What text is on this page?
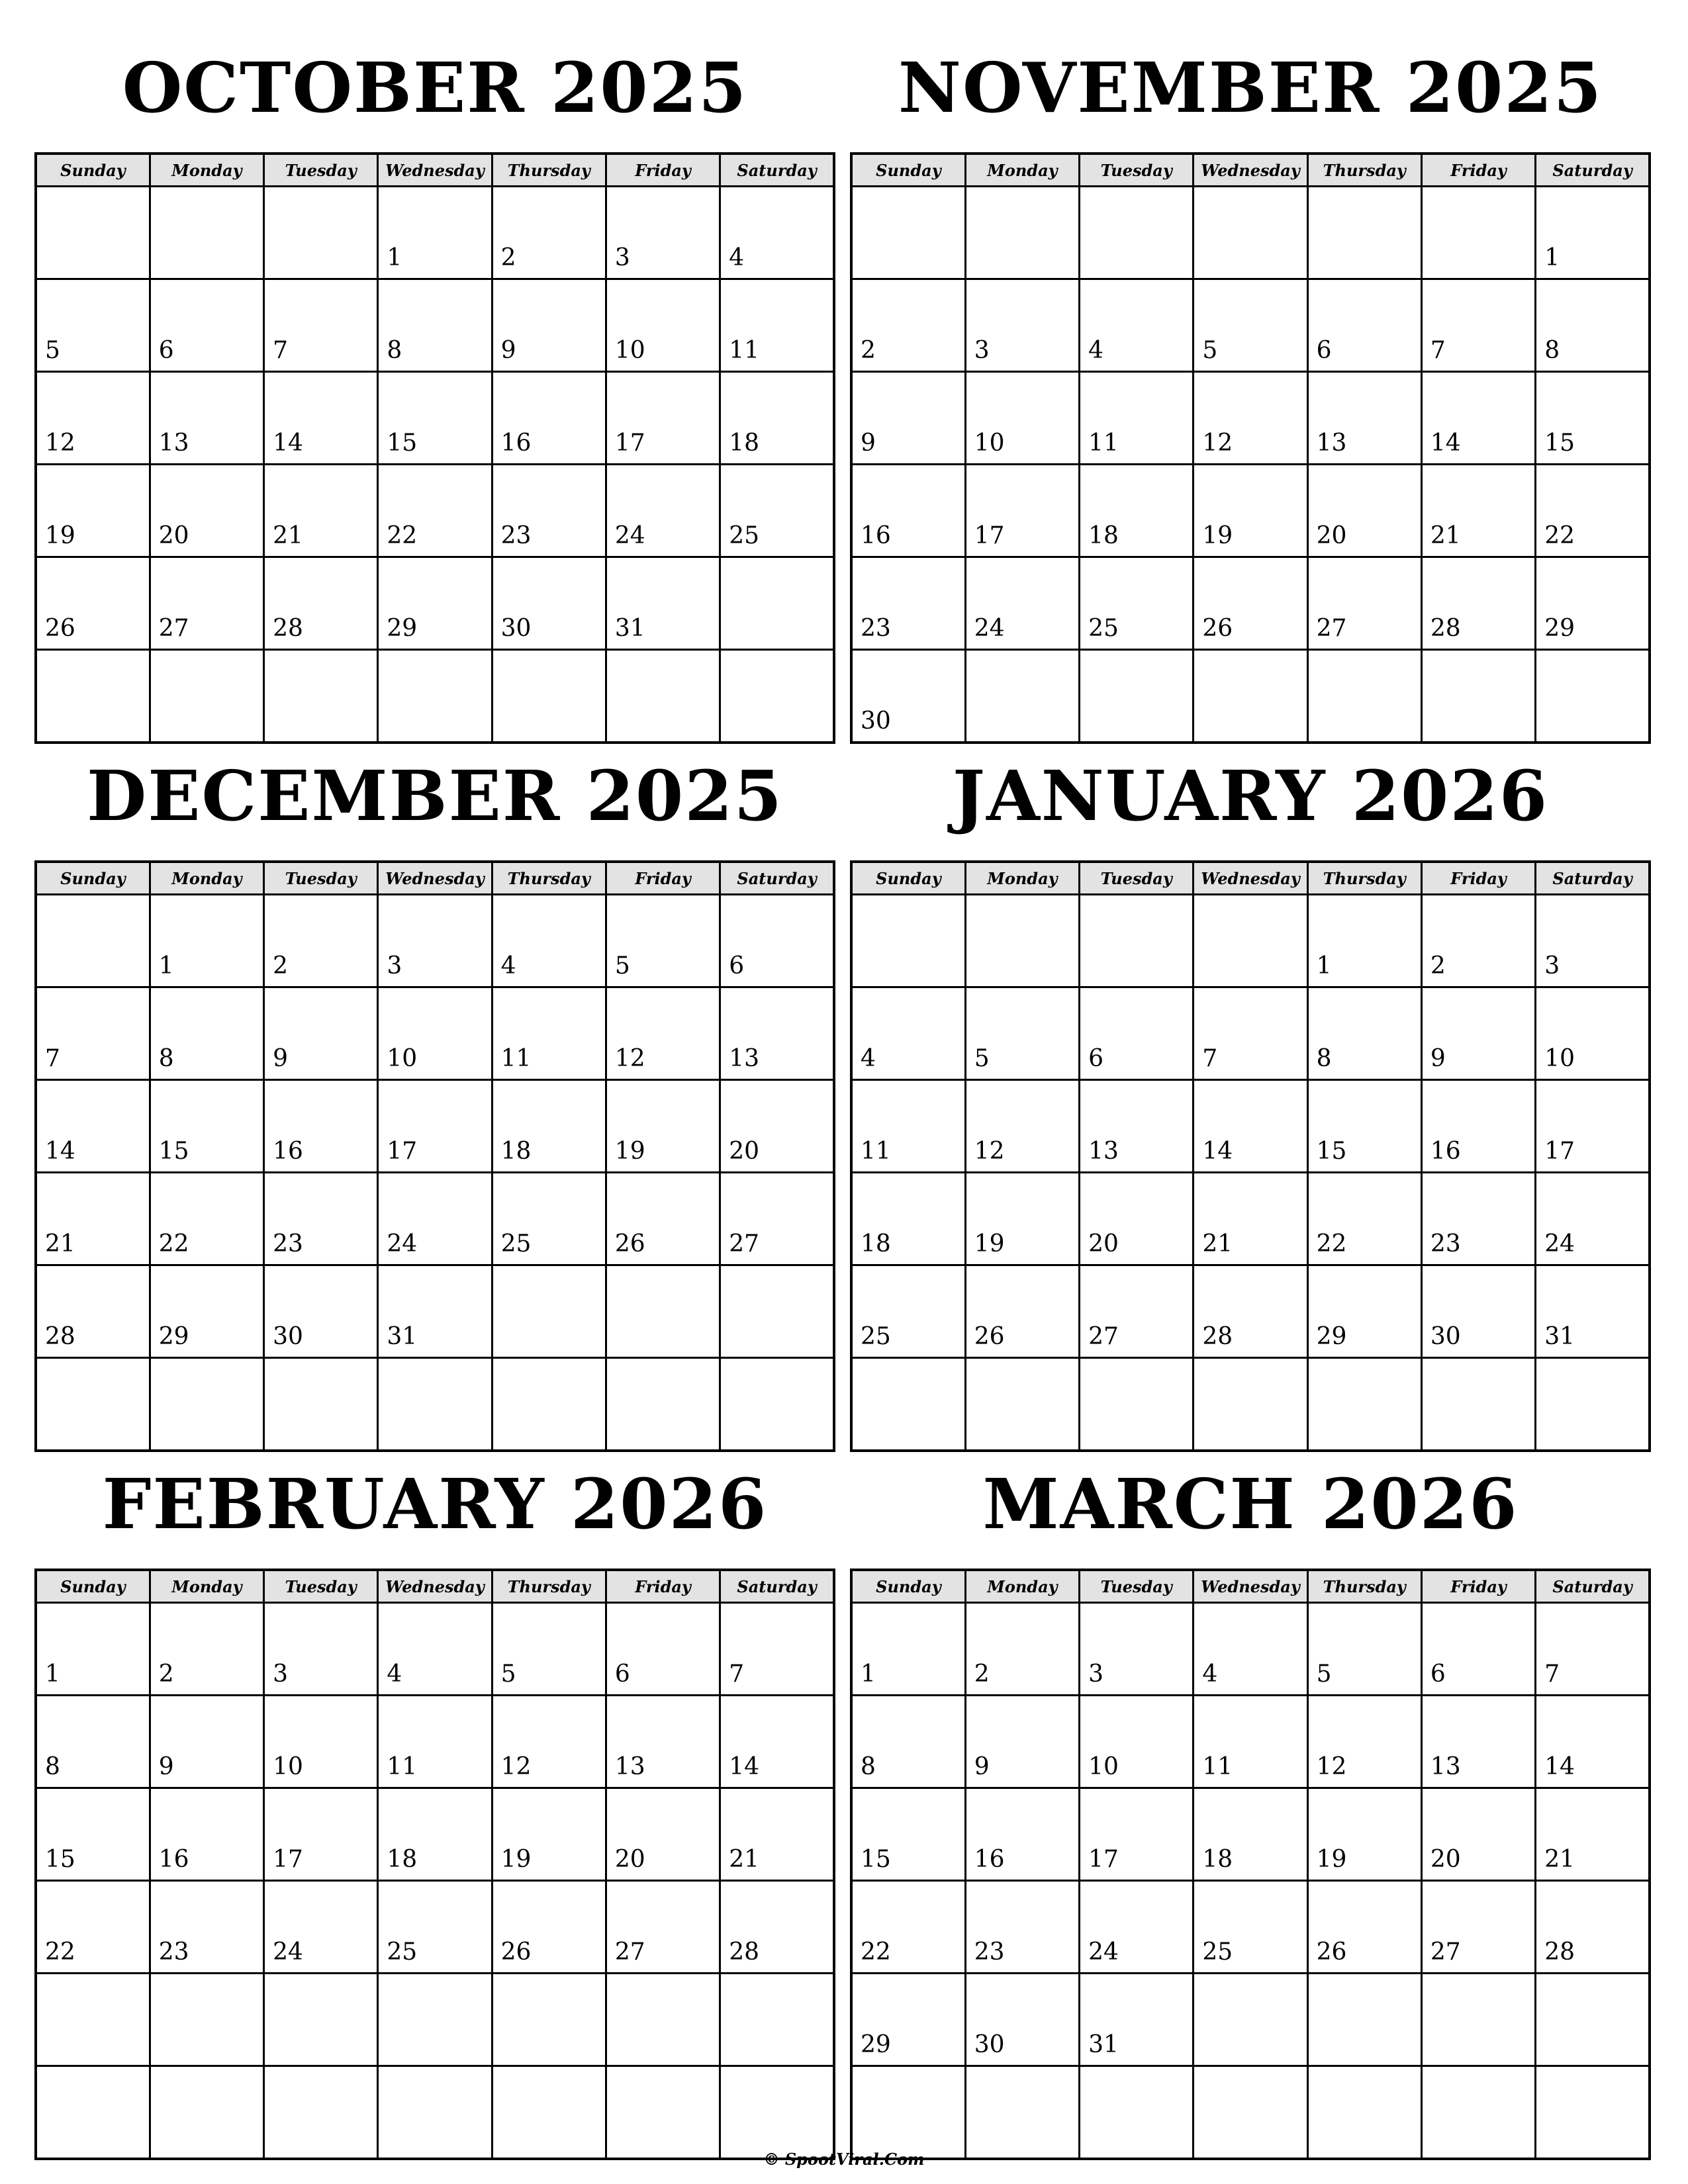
OCTOBER 2025
Sunday	Monday	Tuesday	Wednesday	Thursday	Friday	Saturday

			1	2	3	4

5	6	7	8	9	10	11

12	13	14	15	16	17	18

19	20	21	22	23	24	25

26	27	28	29	30	31	

NOVEMBER 2025
Sunday	Monday	Tuesday	Wednesday	Thursday	Friday	Saturday

						1

2	3	4	5	6	7	8

9	10	11	12	13	14	15

16	17	18	19	20	21	22

23	24	25	26	27	28	29

30						

DECEMBER 2025
Sunday	Monday	Tuesday	Wednesday	Thursday	Friday	Saturday

	1	2	3	4	5	6

7	8	9	10	11	12	13

14	15	16	17	18	19	20

21	22	23	24	25	26	27

28	29	30	31			

JANUARY 2026
Sunday	Monday	Tuesday	Wednesday	Thursday	Friday	Saturday

				1	2	3

4	5	6	7	8	9	10

11	12	13	14	15	16	17

18	19	20	21	22	23	24

25	26	27	28	29	30	31

FEBRUARY 2026
Sunday	Monday	Tuesday	Wednesday	Thursday	Friday	Saturday

1	2	3	4	5	6	7

8	9	10	11	12	13	14

15	16	17	18	19	20	21

22	23	24	25	26	27	28

MARCH 2026
Sunday	Monday	Tuesday	Wednesday	Thursday	Friday	Saturday

1	2	3	4	5	6	7

8	9	10	11	12	13	14

15	16	17	18	19	20	21

22	23	24	25	26	27	28

29	30	31				

© SpootViral.Com
